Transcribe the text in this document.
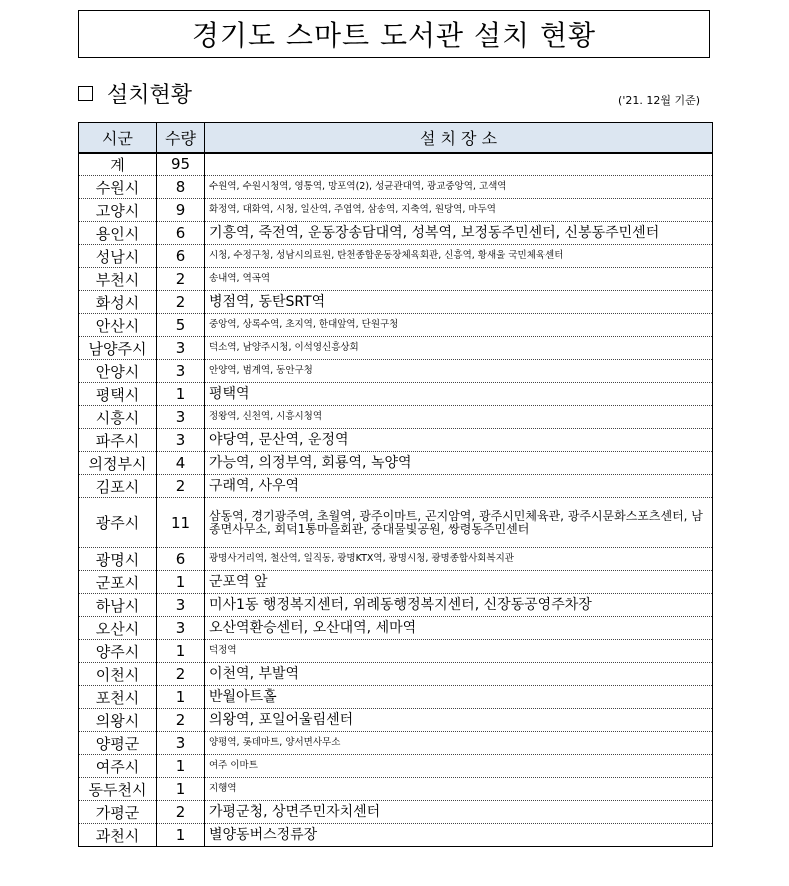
경기도 스마트 도서관 설치 현황
설치현황	('21. 12월 기준)
시군	수량	설 치 장 소
계	95	
수원시	8	수원역, 수원시청역, 영통역, 망포역(2), 성균관대역, 광교중앙역, 고색역
고양시	9	화정역, 대화역, 시청, 일산역, 주엽역, 삼송역, 지축역, 원당역, 마두역
용인시	6	기흥역, 죽전역, 운동장송담대역, 성복역, 보정동주민센터, 신봉동주민센터
성남시	6	시청, 수정구청, 성남시의료원, 탄천종합운동장체육회관, 신흥역, 황새울 국민체육센터
부천시	2	송내역, 역곡역
화성시	2	병점역, 동탄SRT역
안산시	5	중앙역, 상록수역, 초지역, 한대앞역, 단원구청
남양주시	3	덕소역, 남양주시청, 이석영신흥상회
안양시	3	안양역, 범계역, 동안구청
평택시	1	평택역
시흥시	3	정왕역, 신천역, 시흥시청역
파주시	3	야당역, 문산역, 운정역
의정부시	4	가능역, 의정부역, 회룡역, 녹양역
김포시	2	구래역, 사우역
광주시	11	삼동역, 경기광주역, 초월역, 광주이마트, 곤지암역, 광주시민체육관, 광주시문화스포츠센터, 남종면사무소, 회덕1통마을회관, 중대물빛공원, 쌍령동주민센터
광명시	6	광명사거리역, 철산역, 일직동, 광명KTX역, 광명시청, 광명종합사회복지관
군포시	1	군포역 앞
하남시	3	미사1동 행정복지센터, 위례동행정복지센터, 신장동공영주차장
오산시	3	오산역환승센터, 오산대역, 세마역
양주시	1	덕정역
이천시	2	이천역, 부발역
포천시	1	반월아트홀
의왕시	2	의왕역, 포일어울림센터
양평군	3	양평역, 롯데마트, 양서면사무소
여주시	1	여주 이마트
동두천시	1	지행역
가평군	2	가평군청, 상면주민자치센터
과천시	1	별양동버스정류장
